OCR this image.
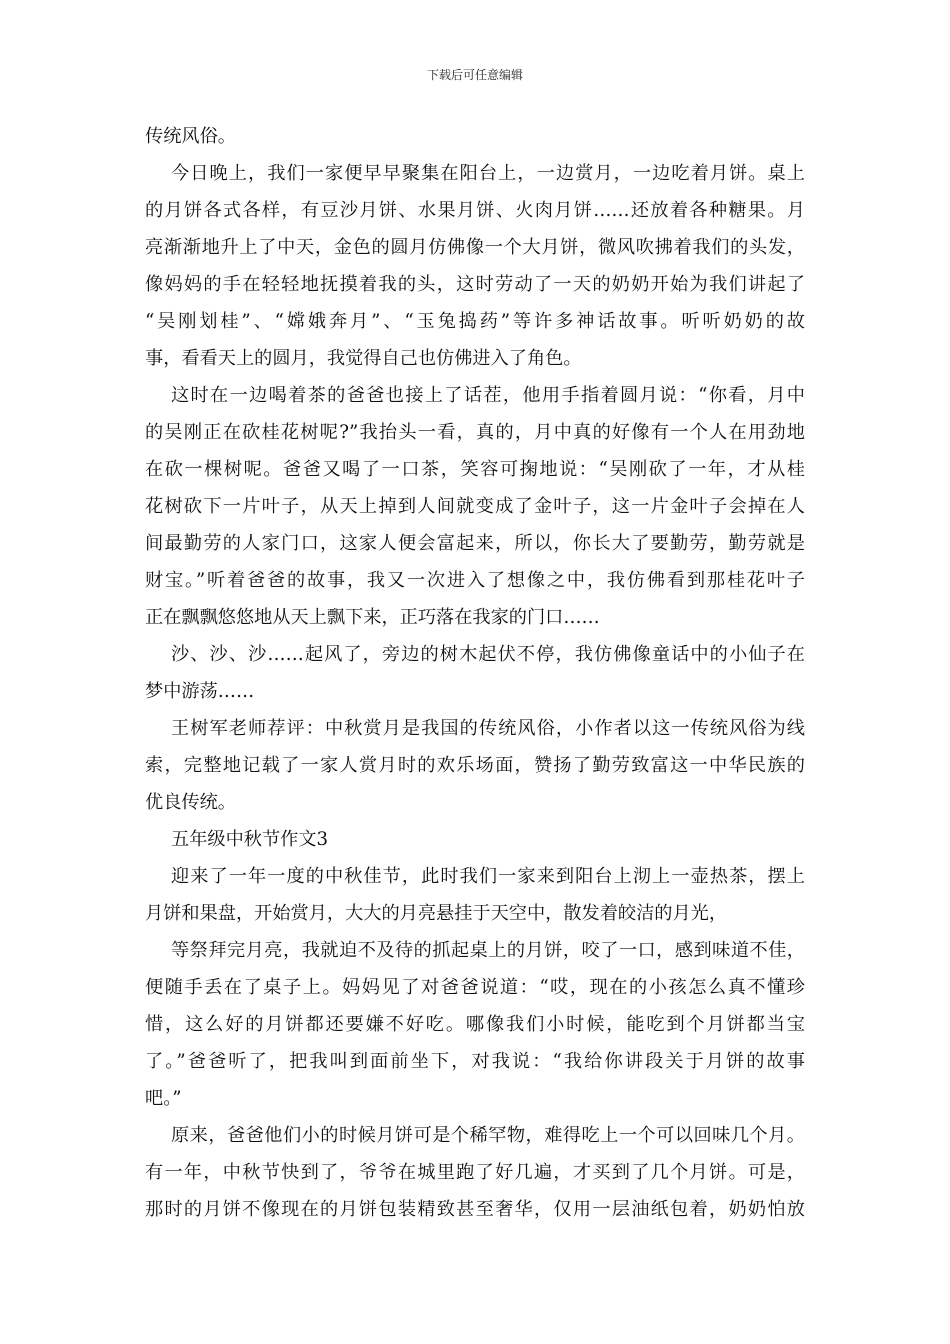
下载后可任意编辑
传统风俗。
今日晚上，我们一家便早早聚集在阳台上，一边赏月，一边吃着月饼。桌上
的月饼各式各样，有豆沙月饼、水果月饼、火肉月饼……还放着各种糖果。月
亮渐渐地升上了中天，金色的圆月仿佛像一个大月饼，微风吹拂着我们的头发，
像妈妈的手在轻轻地抚摸着我的头，这时劳动了一天的奶奶开始为我们讲起了
“吴刚划桂”、“嫦娥奔月”、“玉兔捣药”等许多神话故事。听听奶奶的故
事，看看天上的圆月，我觉得自己也仿佛进入了角色。
这时在一边喝着茶的爸爸也接上了话茬，他用手指着圆月说：“你看，月中
的吴刚正在砍桂花树呢?”我抬头一看，真的，月中真的好像有一个人在用劲地
在砍一棵树呢。爸爸又喝了一口茶，笑容可掬地说：“吴刚砍了一年，才从桂
花树砍下一片叶子，从天上掉到人间就变成了金叶子，这一片金叶子会掉在人
间最勤劳的人家门口，这家人便会富起来，所以，你长大了要勤劳，勤劳就是
财宝。”听着爸爸的故事，我又一次进入了想像之中，我仿佛看到那桂花叶子
正在飘飘悠悠地从天上飘下来，正巧落在我家的门口……
沙、沙、沙……起风了，旁边的树木起伏不停，我仿佛像童话中的小仙子在
梦中游荡……
王树军老师荐评：中秋赏月是我国的传统风俗，小作者以这一传统风俗为线
索，完整地记载了一家人赏月时的欢乐场面，赞扬了勤劳致富这一中华民族的
优良传统。
五年级中秋节作文3
迎来了一年一度的中秋佳节，此时我们一家来到阳台上沏上一壶热茶，摆上
月饼和果盘，开始赏月，大大的月亮悬挂于天空中，散发着皎洁的月光，
等祭拜完月亮，我就迫不及待的抓起桌上的月饼，咬了一口，感到味道不佳，
便随手丢在了桌子上。妈妈见了对爸爸说道：“哎，现在的小孩怎么真不懂珍
惜，这么好的月饼都还要嫌不好吃。哪像我们小时候，能吃到个月饼都当宝
了。”爸爸听了，把我叫到面前坐下，对我说：“我给你讲段关于月饼的故事
吧。”
原来，爸爸他们小的时候月饼可是个稀罕物，难得吃上一个可以回味几个月。
有一年，中秋节快到了，爷爷在城里跑了好几遍，才买到了几个月饼。可是，
那时的月饼不像现在的月饼包装精致甚至奢华，仅用一层油纸包着，奶奶怕放
